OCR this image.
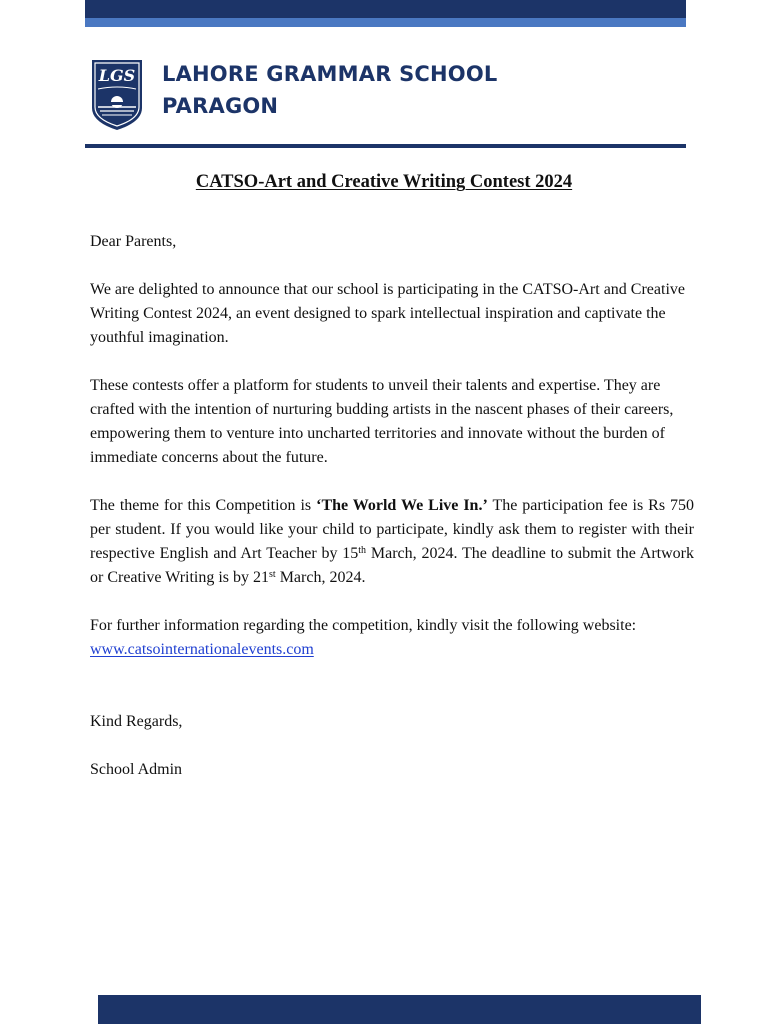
LGS LAHORE GRAMMAR SCHOOL
PARAGON
CATSO-Art and Creative Writing Contest 2024

Dear Parents,

We are delighted to announce that our school is participating in the CATSO-Art and Creative Writing Contest 2024, an event designed to spark intellectual inspiration and captivate the youthful imagination.

These contests offer a platform for students to unveil their talents and expertise. They are crafted with the intention of nurturing budding artists in the nascent phases of their careers, empowering them to venture into uncharted territories and innovate without the burden of immediate concerns about the future.

The theme for this Competition is ‘The World We Live In.’ The participation fee is Rs 750 per student. If you would like your child to participate, kindly ask them to register with their respective English and Art Teacher by 15th March, 2024. The deadline to submit the Artwork or Creative Writing is by 21st March, 2024.

For further information regarding the competition, kindly visit the following website:
www.catsointernationalevents.com

Kind Regards,

School Admin
